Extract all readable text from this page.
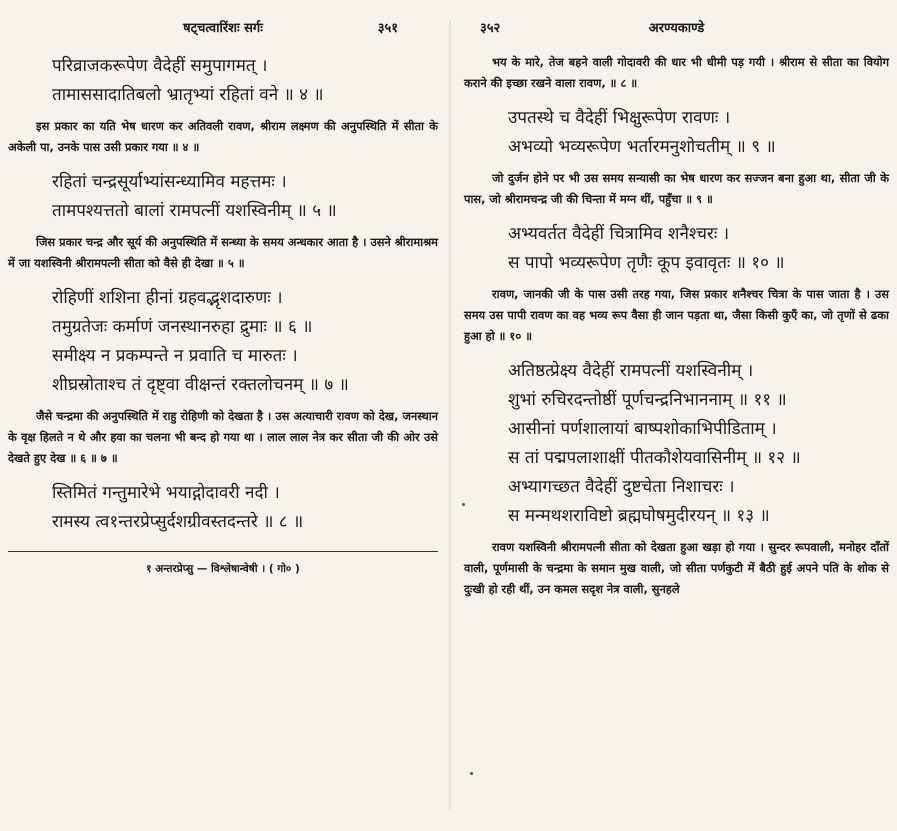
षट्चत्वारिंशः सर्गः	३५१
परिव्राजकरूपेण वैदेहीं समुपागमत् ।
तामाससादातिबलो भ्रातृभ्यां रहितां वने ॥ ४ ॥

इस प्रकार का यति भेष धारण कर अतिवली रावण, श्रीराम लक्ष्मण की अनुपस्थिति में सीता के अकेली पा, उनके पास उसी प्रकार गया ॥ ४ ॥

रहितां चन्द्रसूर्याभ्यांसन्ध्यामिव महत्तमः ।
तामपश्यत्ततो बालां रामपत्नीं यशस्विनीम् ॥ ५ ॥

जिस प्रकार चन्द्र और सूर्य की अनुपस्थिति में सन्ध्या के समय अन्धकार आता है । उसने श्रीरामाश्रम में जा यशस्विनी श्रीरामपत्नी सीता को वैसे ही देखा ॥ ५ ॥

रोहिणीं शशिना हीनां ग्रहवद्भृशदारुणः ।
तमुग्रतेजः कर्माणं जनस्थानरुहा द्रुमाः ॥ ६ ॥
समीक्ष्य न प्रकम्पन्ते न प्रवाति च मारुतः ।
शीघ्रस्रोताश्च तं दृष्ट्वा वीक्षन्तं रक्तलोचनम् ॥ ७ ॥

जैसे चन्द्रमा की अनुपस्थिति में राहु रोहिणी को देखता है । उस अत्याचारी रावण को देख, जनस्थान के वृक्ष हिलते न थे और हवा का चलना भी बन्द हो गया था । लाल लाल नेत्र कर सीता जी की ओर उसे देखते हुए देख ॥ ६ ॥ ७ ॥

स्तिमितं गन्तुमारेभे भयाद्गोदावरी नदी ।
रामस्य त्व१न्तरप्रेप्सुर्दशग्रीवस्तदन्तरे ॥ ८ ॥
१ अन्तरप्रेप्सु — विश्लेषान्वेषी । ( गो० )
३५२	अरण्यकाण्डे

भय के मारे, तेज बहने वाली गोदावरी की धार भी धीमी पड़ गयी । श्रीराम से सीता का वियोग कराने की इच्छा रखने वाला रावण, ॥ ८ ॥

उपतस्थे च वैदेहीं भिक्षुरूपेण रावणः ।
अभव्यो भव्यरूपेण भर्तारमनुशोचतीम् ॥ ९ ॥

जो दुर्जन होने पर भी उस समय सन्यासी का भेष धारण कर सज्जन बना हुआ था, सीता जी के पास, जो श्रीरामचन्द्र जी की चिन्ता में मग्न थीं, पहुँचा ॥ ९ ॥

अभ्यवर्तत वैदेहीं चित्रामिव शनैश्चरः ।
स पापो भव्यरूपेण तृणैः कूप इवावृतः ॥ १० ॥

रावण, जानकी जी के पास उसी तरह गया, जिस प्रकार शनैश्चर चित्रा के पास जाता है । उस समय उस पापी रावण का वह भव्य रूप वैसा ही जान पड़ता था, जैसा किसी कुएँ का, जो तृणों से ढका हुआ हो ॥ १० ॥

अतिष्ठत्प्रेक्ष्य वैदेहीं रामपत्नीं यशस्विनीम् ।
शुभां रुचिरदन्तोष्ठीं पूर्णचन्द्रनिभाननाम् ॥ ११ ॥
आसीनां पर्णशालायां बाष्पशोकाभिपीडिताम् ।
स तां पद्मपलाशाक्षीं पीतकौशेयवासिनीम् ॥ १२ ॥
अभ्यागच्छत वैदेहीं दुष्टचेता निशाचरः ।
स मन्मथशराविष्टो ब्रह्मघोषमुदीरयन् ॥ १३ ॥

रावण यशस्विनी श्रीरामपत्नी सीता को देखता हुआ खड़ा हो गया । सुन्दर रूपवाली, मनोहर दाँतों वाली, पूर्णमासी के चन्द्रमा के समान मुख वाली, जो सीता पर्णकुटी में बैठी हुई अपने पति के शोक से दुःखी हो रही थीं, उन कमल सदृश नेत्र वाली, सुनहले
